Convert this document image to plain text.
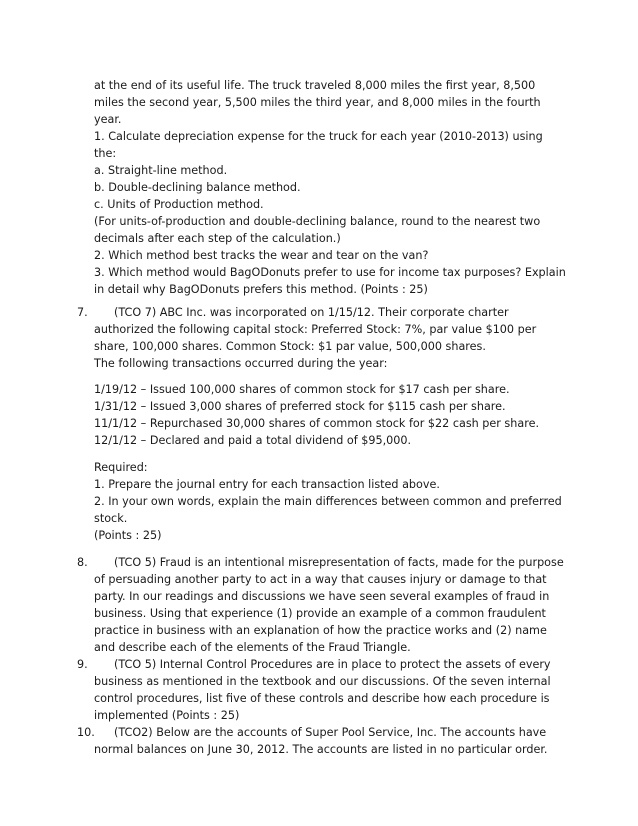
at the end of its useful life. The truck traveled 8,000 miles the first year, 8,500
miles the second year, 5,500 miles the third year, and 8,000 miles in the fourth
year.
1. Calculate depreciation expense for the truck for each year (2010-2013) using
the:
a. Straight-line method.
b. Double-declining balance method.
c. Units of Production method.
(For units-of-production and double-declining balance, round to the nearest two
decimals after each step of the calculation.)
2. Which method best tracks the wear and tear on the van?
3. Which method would BagODonuts prefer to use for income tax purposes? Explain
in detail why BagODonuts prefers this method. (Points : 25)
7. (TCO 7) ABC Inc. was incorporated on 1/15/12. Their corporate charter
authorized the following capital stock: Preferred Stock: 7%, par value $100 per
share, 100,000 shares. Common Stock: $1 par value, 500,000 shares.
The following transactions occurred during the year:
1/19/12 – Issued 100,000 shares of common stock for $17 cash per share.
1/31/12 – Issued 3,000 shares of preferred stock for $115 cash per share.
11/1/12 – Repurchased 30,000 shares of common stock for $22 cash per share.
12/1/12 – Declared and paid a total dividend of $95,000.
Required:
1. Prepare the journal entry for each transaction listed above.
2. In your own words, explain the main differences between common and preferred
stock.
(Points : 25)
8. (TCO 5) Fraud is an intentional misrepresentation of facts, made for the purpose
of persuading another party to act in a way that causes injury or damage to that
party. In our readings and discussions we have seen several examples of fraud in
business. Using that experience (1) provide an example of a common fraudulent
practice in business with an explanation of how the practice works and (2) name
and describe each of the elements of the Fraud Triangle.
9. (TCO 5) Internal Control Procedures are in place to protect the assets of every
business as mentioned in the textbook and our discussions. Of the seven internal
control procedures, list five of these controls and describe how each procedure is
implemented (Points : 25)
10. (TCO2) Below are the accounts of Super Pool Service, Inc. The accounts have
normal balances on June 30, 2012. The accounts are listed in no particular order.
